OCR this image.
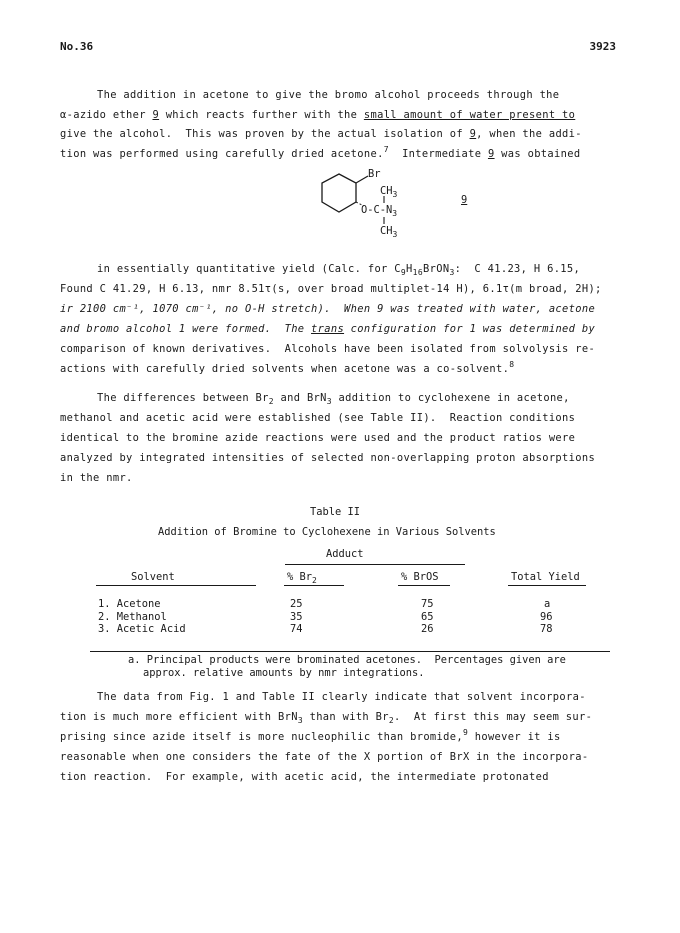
No.36	3923
The addition in acetone to give the bromo alcohol proceeds through the
α-azido ether 9 which reacts further with the small amount of water present to
give the alcohol.  This was proven by the actual isolation of 9, when the addi-
tion was performed using carefully dried acetone.$^7$  Intermediate 9 was obtained
Br
$CH_3$
$O-C-N_3$
$CH_3$
9
in essentially quantitative yield (Calc. for $C_9H_{16}BrON_3$:  C 41.23, H 6.15,
Found C 41.29, H 6.13, nmr 8.51τ(s, over broad multiplet-14 H), 6.1τ(m broad, 2H);
ir 2100 cm⁻¹, 1070 cm⁻¹, no O-H stretch).  When 9 was treated with water, acetone
and bromo alcohol 1 were formed.  The trans configuration for 1 was determined by
comparison of known derivatives.  Alcohols have been isolated from solvolysis re-
actions with carefully dried solvents when acetone was a co-solvent.$^8$
The differences between $Br_2$ and BrN$_3$ addition to cyclohexene in acetone,
methanol and acetic acid were established (see Table II).  Reaction conditions
identical to the bromine azide reactions were used and the product ratios were
analyzed by integrated intensities of selected non-overlapping proton absorptions
in the nmr.
Table II
Addition of Bromine to Cyclohexene in Various Solvents
Adduct
Solvent	% $Br_2$	% BrOS	Total Yield
1. Acetone	25	75	a
2. Methanol	35	65	96
3. Acetic Acid	74	26	78
a. Principal products were brominated acetones.  Percentages given are
approx. relative amounts by nmr integrations.
The data from Fig. 1 and Table II clearly indicate that solvent incorpora-
tion is much more efficient with BrN$_3$ than with $Br_2$.  At first this may seem sur-
prising since azide itself is more nucleophilic than bromide,$^9$ however it is
reasonable when one considers the fate of the X portion of BrX in the incorpora-
tion reaction.  For example, with acetic acid, the intermediate protonated
